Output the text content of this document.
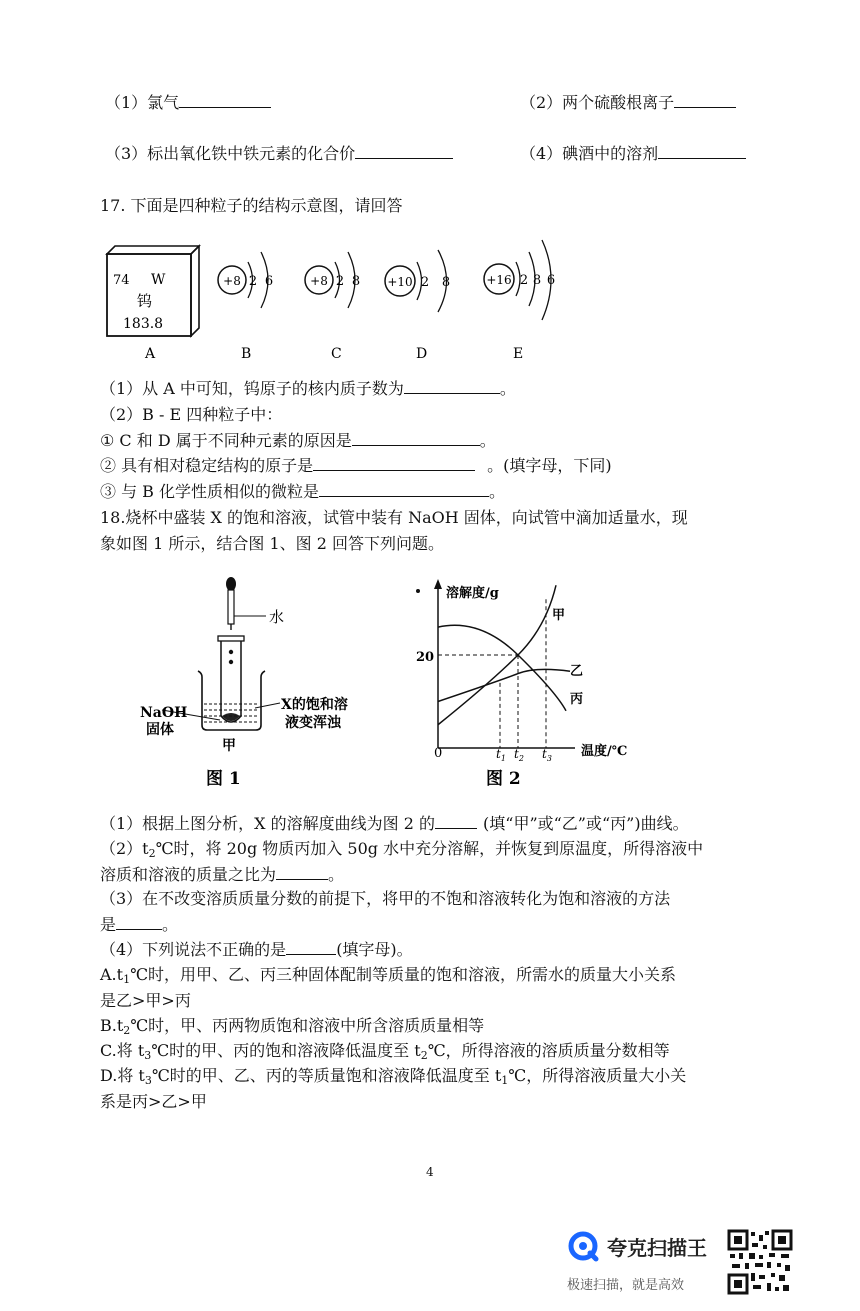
（1）氯气	（2）两个硫酸根离子
（3）标出氧化铁中铁元素的化合价	（4）碘酒中的溶剂
17. 下面是四种粒子的结构示意图，请回答
74 W
钨
183.8
+8 2 6	+8 2 8 +10 2 8	+16 2 8 6
A	B	C	D	E
（1）从 A 中可知，钨原子的核内质子数为	。
（2）B - E 四种粒子中：
① C 和 D 属于不同种元素的原因是	。
② 具有相对稳定结构的原子是	。(填字母，下同)
③ 与 B 化学性质相似的微粒是	。
18.烧杯中盛装 X 的饱和溶液，试管中装有 NaOH 固体，向试管中滴加适量水，现
象如图 1 所示，结合图 1、图 2 回答下列问题。
水
NaOH
固体
X的饱和溶
液变浑浊
甲
图 1
溶解度/g
温度/℃
0
20
$t_1$ $t_2$ $t_3$
甲
乙
丙
图 2
（1）根据上图分析，X 的溶解度曲线为图 2 的	(填“甲”或“乙”或“丙”)曲线。
$(2)t_2℃$时，将 20g 物质丙加入 50g 水中充分溶解，并恢复到原温度，所得溶液中
溶质和溶液的质量之比为	。
（3）在不改变溶质质量分数的前提下，将甲的不饱和溶液转化为饱和溶液的方法
是	。
（4）下列说法不正确的是	(填字母)。
$A.t_1℃$时，用甲、乙、丙三种固体配制等质量的饱和溶液，所需水的质量大小关系
是乙>甲>丙
$B.t_2℃$时，甲、丙两物质饱和溶液中所含溶质质量相等
C.将 $t_3℃$时的甲、丙的饱和溶液降低温度至 $t_2℃$，所得溶液的溶质质量分数相等
D.将 $t_3℃$时的甲、乙、丙的等质量饱和溶液降低温度至 $t_1℃$，所得溶液质量大小关
系是丙>乙>甲
4
夸克扫描王
极速扫描，就是高效
